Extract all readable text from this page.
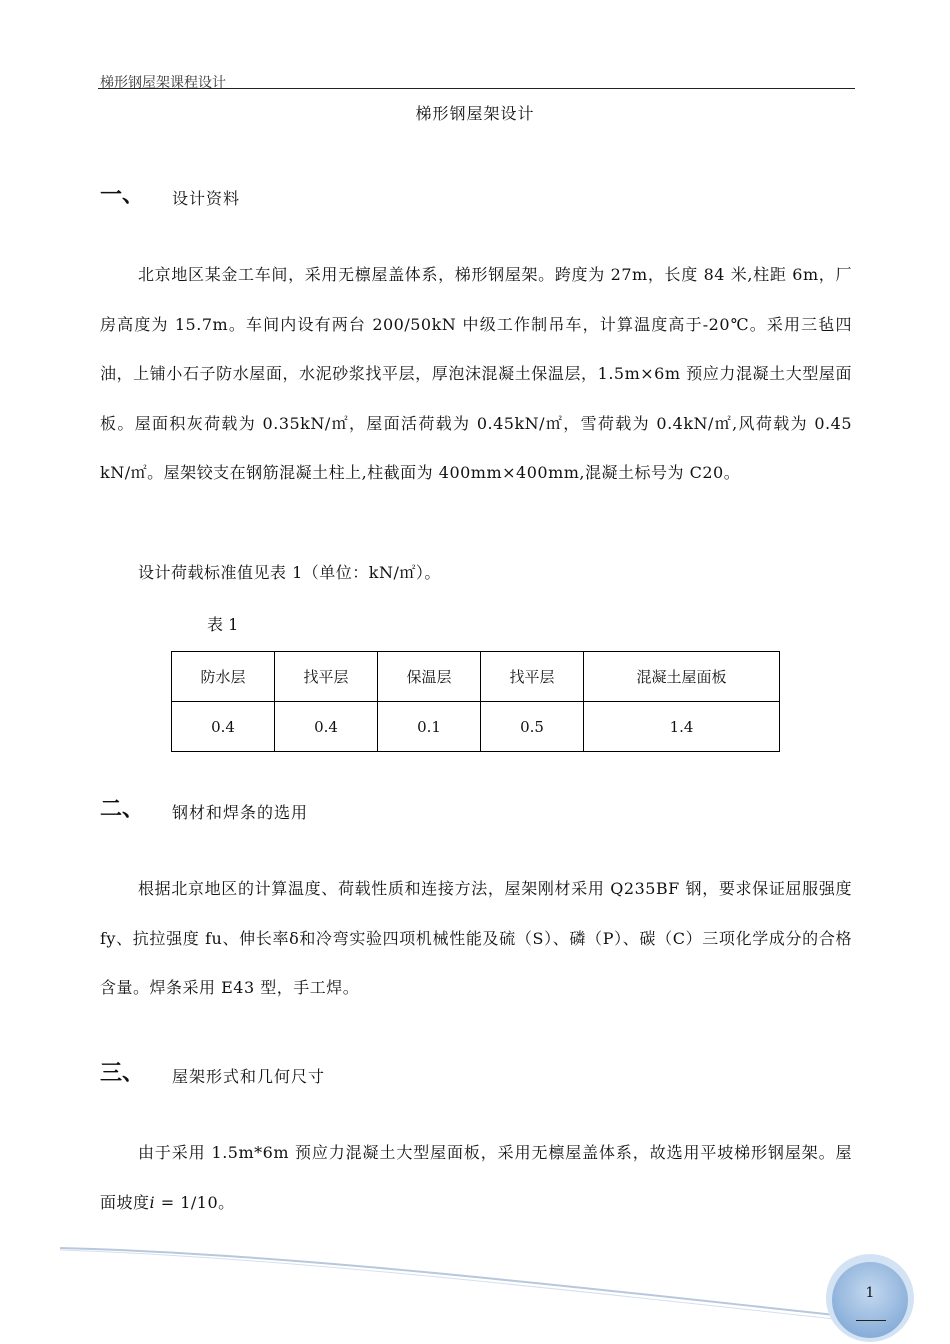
梯形钢屋架课程设计
梯形钢屋架设计
一、 设计资料
北京地区某金工车间，采用无檩屋盖体系，梯形钢屋架。跨度为 27m，长度 84 米,柱距 6m，厂房高度为 15.7m。车间内设有两台 200/50kN 中级工作制吊车，计算温度高于-20℃。采用三毡四油，上铺小石子防水屋面，水泥砂浆找平层，厚泡沫混凝土保温层，1.5m×6m 预应力混凝土大型屋面板。屋面积灰荷载为 0.35kN/㎡，屋面活荷载为 0.45kN/㎡，雪荷载为 0.4kN/㎡,风荷载为 0.45 kN/㎡。屋架铰支在钢筋混凝土柱上,柱截面为 400mm×400mm,混凝土标号为 C20。
设计荷载标准值见表 1（单位：kN/㎡）。
表 1
防水层	找平层	保温层	找平层	混凝土屋面板
0.4	0.4	0.1	0.5	1.4
二、 钢材和焊条的选用
根据北京地区的计算温度、荷载性质和连接方法，屋架刚材采用 Q235BF 钢，要求保证屈服强度 fy、抗拉强度 fu、伸长率δ和冷弯实验四项机械性能及硫（S）、磷（P）、碳（C）三项化学成分的合格含量。焊条采用 E43 型，手工焊。
三、 屋架形式和几何尺寸
由于采用 1.5m*6m 预应力混凝土大型屋面板，采用无檩屋盖体系，故选用平坡梯形钢屋架。屋面坡度i = 1/10。
1
